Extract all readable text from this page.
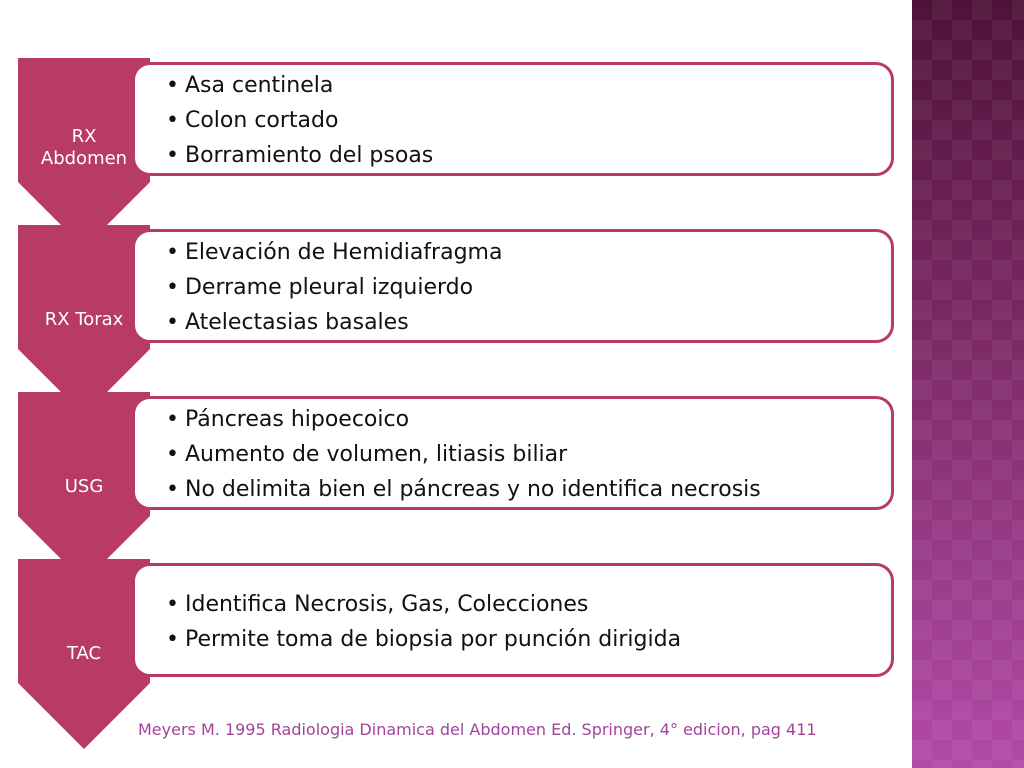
• Asa centinela
• Colon cortado
• Borramiento del psoas
RX
Abdomen
• Elevación de Hemidiafragma
• Derrame pleural izquierdo
• Atelectasias basales
RX Torax
• Páncreas hipoecoico
• Aumento de volumen, litiasis biliar
• No delimita bien el páncreas y no identifica necrosis
USG
• Identifica Necrosis, Gas, Colecciones
• Permite toma de biopsia por punción dirigida
TAC
Meyers M. 1995 Radiologia Dinamica del Abdomen Ed. Springer, 4° edicion, pag 411
